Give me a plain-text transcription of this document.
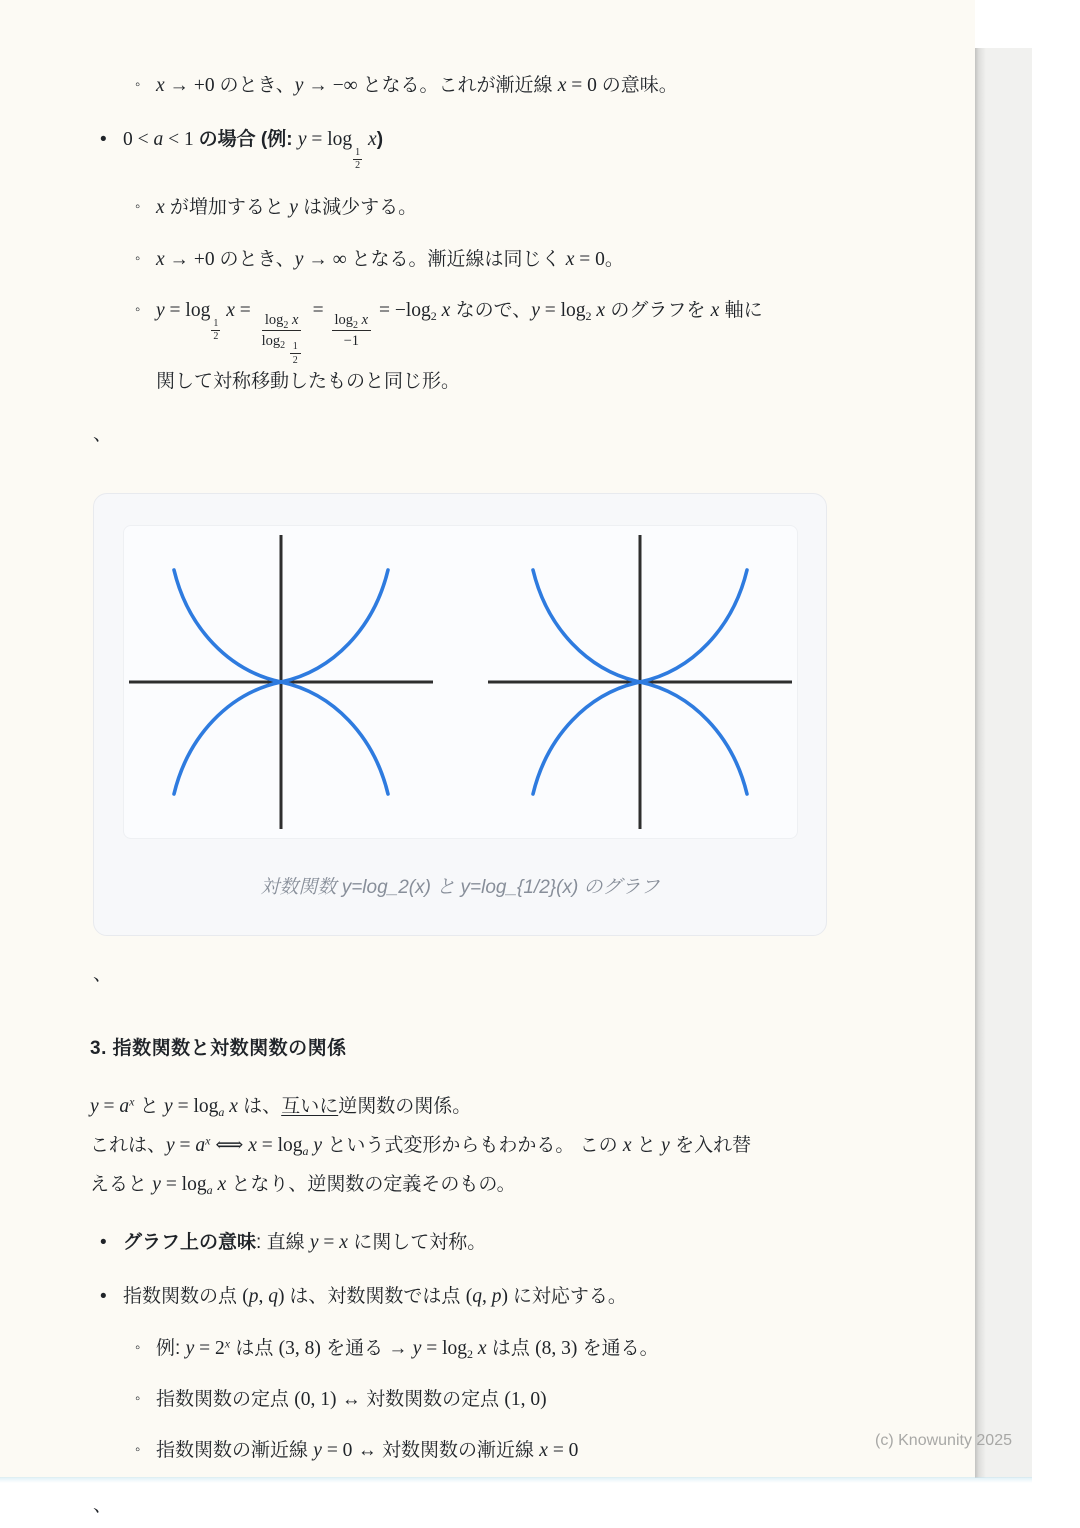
◦ x → +0 のとき、y → −∞ となる。これが漸近線 x = 0 の意味。
• 0 < a < 1 の場合 (例: y = log
$_{\frac{1}{2}}$
x)
◦ x が増加すると y は減少する。
◦ x → +0 のとき、y → ∞ となる。漸近線は同じく x = 0。
◦ y = log
$_{\frac{1}{2}}$
x =
$\frac{\log_2 x}{\log_2 \frac{1}{2}}$
=
$\frac{\log_2 x}{-1}$
= $-\log_2$ x なので、$y = \log_2 x$ のグラフを x 軸に
関して対称移動したものと同じ形。
、
対数関数 y=log_2(x) と y=log_{1/2}(x) のグラフ
、
3. 指数関数と対数関数の関係
$y = a^x$ と $y = \log_a x$ は、互いに逆関数の関係。
これは、$y = a^x$ ⟺ $x = \log_a y$ という式変形からもわかる。 この x と y を入れ替
えると $y = \log_a x$ となり、逆関数の定義そのもの。
• グラフ上の意味: 直線 y = x に関して対称。
• 指数関数の点 (p, q) は、対数関数では点 (q, p) に対応する。
◦ 例: $y = 2^x$ は点 (3, 8) を通る → $y = \log_2 x$ は点 (8, 3) を通る。
◦ 指数関数の定点 (0, 1) ↔ 対数関数の定点 (1, 0)
◦ 指数関数の漸近線 y = 0 ↔ 対数関数の漸近線 x = 0
、
(c) Knowunity 2025
